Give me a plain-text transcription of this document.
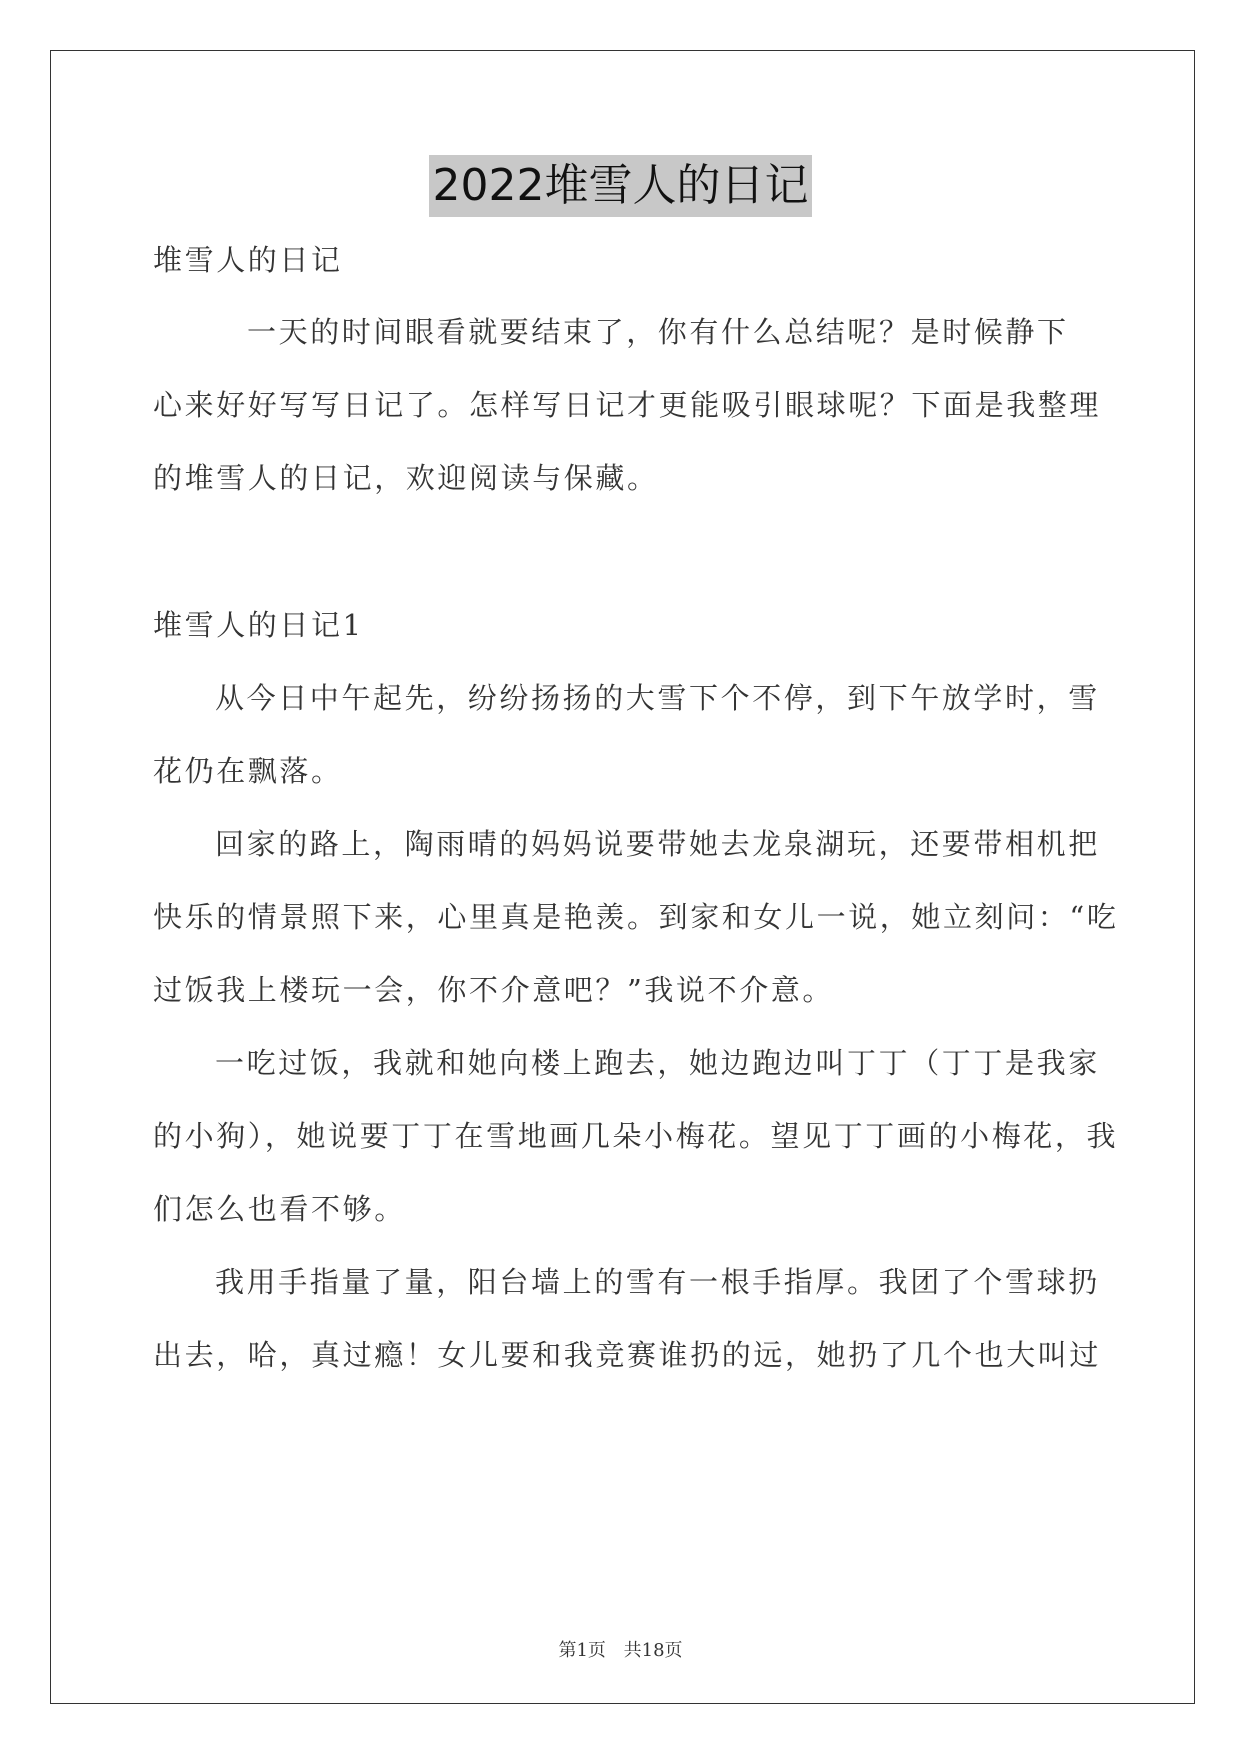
2022堆雪人的日记
堆雪人的日记
一天的时间眼看就要结束了，你有什么总结呢？是时候静下
心来好好写写日记了。怎样写日记才更能吸引眼球呢？下面是我整理
的堆雪人的日记，欢迎阅读与保藏。
堆雪人的日记1
从今日中午起先，纷纷扬扬的大雪下个不停，到下午放学时，雪
花仍在飘落。
回家的路上，陶雨晴的妈妈说要带她去龙泉湖玩，还要带相机把
快乐的情景照下来，心里真是艳羡。到家和女儿一说，她立刻问：“吃
过饭我上楼玩一会，你不介意吧？”我说不介意。
一吃过饭，我就和她向楼上跑去，她边跑边叫丁丁（丁丁是我家
的小狗），她说要丁丁在雪地画几朵小梅花。望见丁丁画的小梅花，我
们怎么也看不够。
我用手指量了量，阳台墙上的雪有一根手指厚。我团了个雪球扔
出去，哈，真过瘾！女儿要和我竞赛谁扔的远，她扔了几个也大叫过
第1页 共18页
